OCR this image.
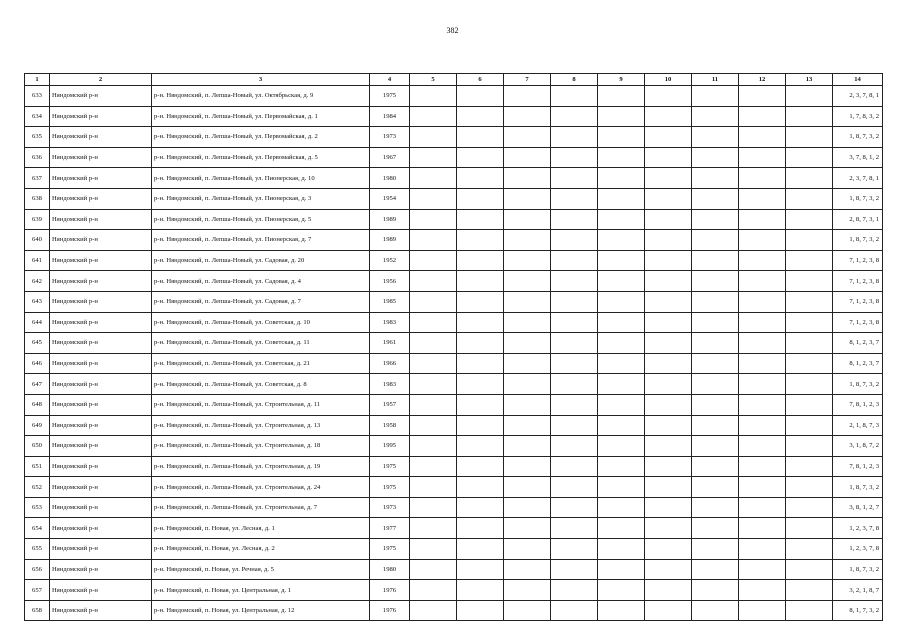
382
1	2	3	4	5	6	7	8	9	10	11	12	13	14
633	Няндомский р-н	р-н. Няндомский, п. Лепша-Новый, ул. Октябрьская, д. 9	1975										2, 3, 7, 8, 1
634	Няндомский р-н	р-н. Няндомский, п. Лепша-Новый, ул. Первомайская, д. 1	1984										1, 7, 8, 3, 2
635	Няндомский р-н	р-н. Няндомский, п. Лепша-Новый, ул. Первомайская, д. 2	1973										1, 8, 7, 3, 2
636	Няндомский р-н	р-н. Няндомский, п. Лепша-Новый, ул. Первомайская, д. 5	1967										3, 7, 8, 1, 2
637	Няндомский р-н	р-н. Няндомский, п. Лепша-Новый, ул. Пионерская, д. 10	1980										2, 3, 7, 8, 1
638	Няндомский р-н	р-н. Няндомский, п. Лепша-Новый, ул. Пионерская, д. 3	1954										1, 8, 7, 3, 2
639	Няндомский р-н	р-н. Няндомский, п. Лепша-Новый, ул. Пионерская, д. 5	1989										2, 8, 7, 3, 1
640	Няндомский р-н	р-н. Няндомский, п. Лепша-Новый, ул. Пионерская, д. 7	1989										1, 8, 7, 3, 2
641	Няндомский р-н	р-н. Няндомский, п. Лепша-Новый, ул. Садовая, д. 20	1952										7, 1, 2, 3, 8
642	Няндомский р-н	р-н. Няндомский, п. Лепша-Новый, ул. Садовая, д. 4	1956										7, 1, 2, 3, 8
643	Няндомский р-н	р-н. Няндомский, п. Лепша-Новый, ул. Садовая, д. 7	1985										7, 1, 2, 3, 8
644	Няндомский р-н	р-н. Няндомский, п. Лепша-Новый, ул. Советская, д. 10	1983										7, 1, 2, 3, 8
645	Няндомский р-н	р-н. Няндомский, п. Лепша-Новый, ул. Советская, д. 11	1961										8, 1, 2, 3, 7
646	Няндомский р-н	р-н. Няндомский, п. Лепша-Новый, ул. Советская, д. 21	1966										8, 1, 2, 3, 7
647	Няндомский р-н	р-н. Няндомский, п. Лепша-Новый, ул. Советская, д. 8	1983										1, 8, 7, 3, 2
648	Няндомский р-н	р-н. Няндомский, п. Лепша-Новый, ул. Строительная, д. 11	1957										7, 8, 1, 2, 3
649	Няндомский р-н	р-н. Няндомский, п. Лепша-Новый, ул. Строительная, д. 13	1958										2, 1, 8, 7, 3
650	Няндомский р-н	р-н. Няндомский, п. Лепша-Новый, ул. Строительная, д. 18	1995										3, 1, 8, 7, 2
651	Няндомский р-н	р-н. Няндомский, п. Лепша-Новый, ул. Строительная, д. 19	1975										7, 8, 1, 2, 3
652	Няндомский р-н	р-н. Няндомский, п. Лепша-Новый, ул. Строительная, д. 24	1975										1, 8, 7, 3, 2
653	Няндомский р-н	р-н. Няндомский, п. Лепша-Новый, ул. Строительная, д. 7	1973										3, 8, 1, 2, 7
654	Няндомский р-н	р-н. Няндомский, п. Новая, ул. Лесная, д. 1	1977										1, 2, 3, 7, 8
655	Няндомский р-н	р-н. Няндомский, п. Новая, ул. Лесная, д. 2	1975										1, 2, 3, 7, 8
656	Няндомский р-н	р-н. Няндомский, п. Новая, ул. Речная, д. 5	1980										1, 8, 7, 3, 2
657	Няндомский р-н	р-н. Няндомский, п. Новая, ул. Центральная, д. 1	1976										3, 2, 1, 8, 7
658	Няндомский р-н	р-н. Няндомский, п. Новая, ул. Центральная, д. 12	1976										8, 1, 7, 3, 2
